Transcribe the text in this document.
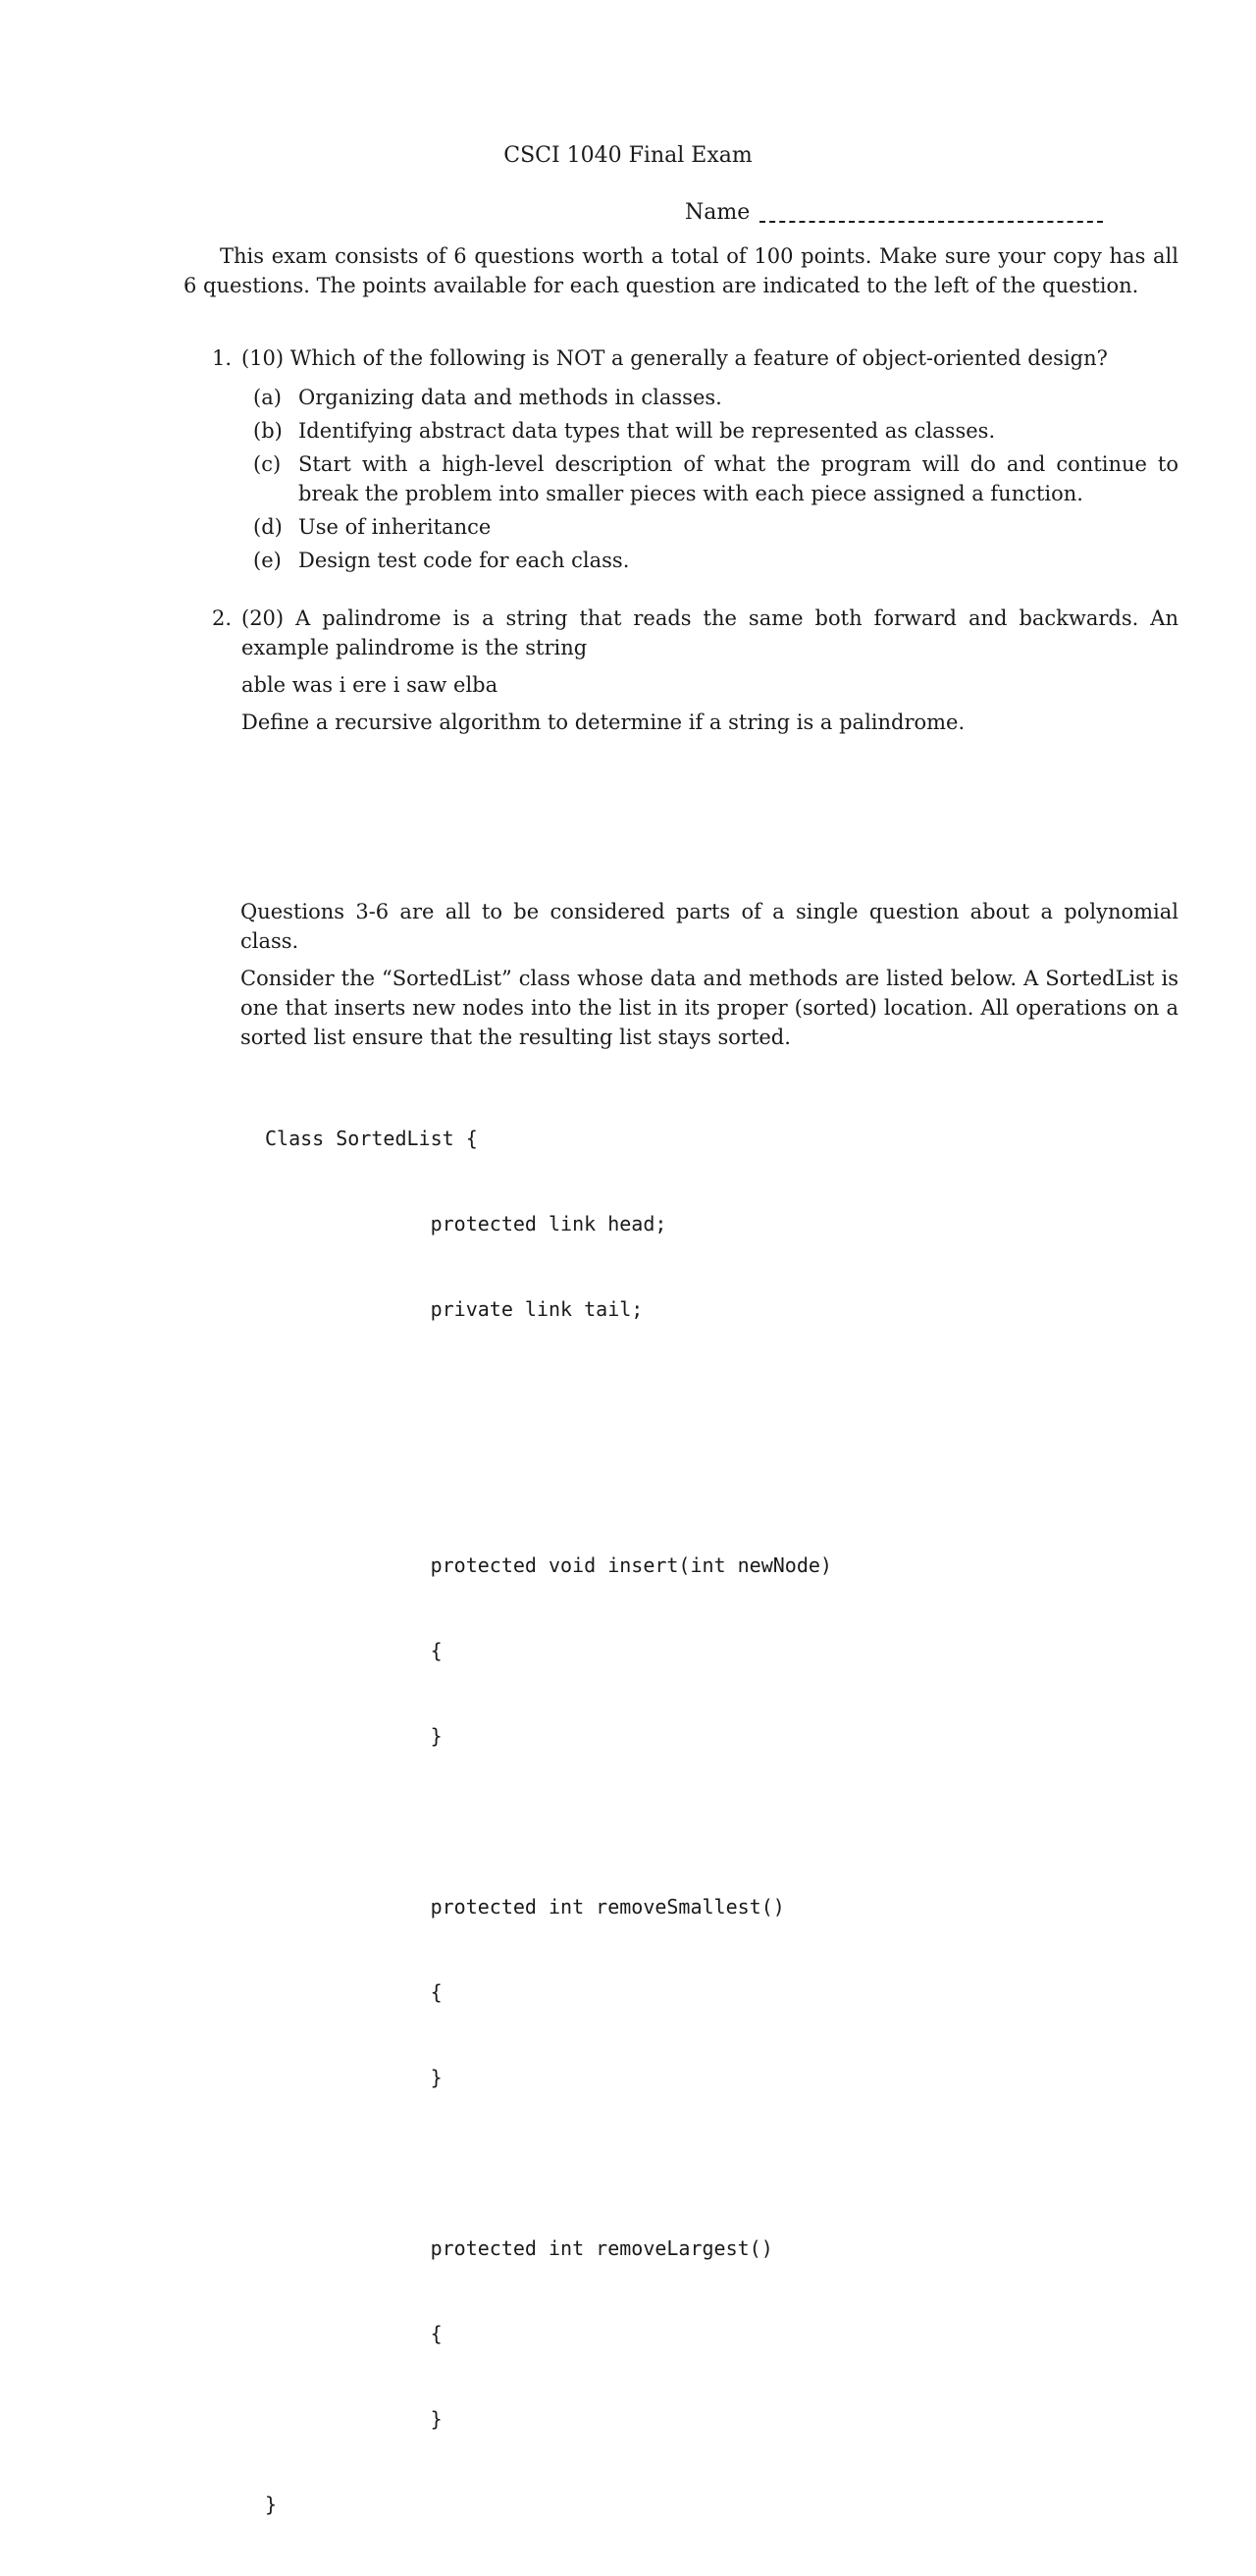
CSCI 1040 Final Exam
Name
This exam consists of 6 questions worth a total of 100 points. Make sure your copy has all 6 questions. The points available for each question are indicated to the left of the question.
1. (10) Which of the following is NOT a generally a feature of object-oriented design?
(a) Organizing data and methods in classes.
(b) Identifying abstract data types that will be represented as classes.
(c) Start with a high-level description of what the program will do and continue to break the problem into smaller pieces with each piece assigned a function.
(d) Use of inheritance
(e) Design test code for each class.
2. (20) A palindrome is a string that reads the same both forward and backwards. An example palindrome is the string
able was i ere i saw elba
Define a recursive algorithm to determine if a string is a palindrome.

Questions 3-6 are all to be considered parts of a single question about a polynomial class.

Consider the “SortedList” class whose data and methods are listed below. A SortedList is one that inserts new nodes into the list in its proper (sorted) location. All operations on a sorted list ensure that the resulting list stays sorted.

Class SortedList {

protected link head;

private link tail;

protected void insert(int newNode)

{

}

protected int removeSmallest()

{

}

protected int removeLargest()

{

}

}
